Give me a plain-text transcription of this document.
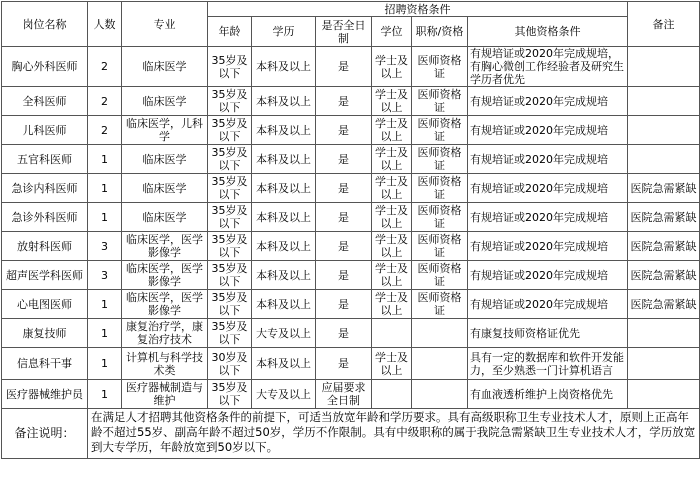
岗位名称	人数	专业	招聘资格条件						备注
			年龄	学历	是否全日制	学位	职称/资格	其他资格条件	
胸心外科医师	2	临床医学	35岁及以下	本科及以上	是	学士及以上	医师资格证	有规培证或2020年完成规培，有胸心微创工作经验者及研究生学历者优先	
全科医师	2	临床医学	35岁及以下	本科及以上	是	学士及以上	医师资格证	有规培证或2020年完成规培	
儿科医师	2	临床医学，儿科学	35岁及以下	本科及以上	是	学士及以上	医师资格证	有规培证或2020年完成规培	
五官科医师	1	临床医学	35岁及以下	本科及以上	是	学士及以上	医师资格证	有规培证或2020年完成规培	
急诊内科医师	1	临床医学	35岁及以下	本科及以上	是	学士及以上	医师资格证	有规培证或2020年完成规培	医院急需紧缺
急诊外科医师	1	临床医学	35岁及以下	本科及以上	是	学士及以上	医师资格证	有规培证或2020年完成规培	医院急需紧缺
放射科医师	3	临床医学，医学影像学	35岁及以下	本科及以上	是	学士及以上	医师资格证	有规培证或2020年完成规培	医院急需紧缺
超声医学科医师	3	临床医学，医学影像学	35岁及以下	本科及以上	是	学士及以上	医师资格证	有规培证或2020年完成规培	医院急需紧缺
心电图医师	1	临床医学，医学影像学	35岁及以下	本科及以上	是	学士及以上	医师资格证	有规培证或2020年完成规培	医院急需紧缺
康复技师	1	康复治疗学，康复治疗技术	35岁及以下	大专及以上	是			有康复技师资格证优先	
信息科干事	1	计算机与科学技术类	30岁及以下	本科及以上	是	学士及以上		具有一定的数据库和软件开发能力，至少熟悉一门计算机语言	
医疗器械维护员	1	医疗器械制造与维护	35岁及以下	大专及以上	应届要求全日制			有血液透析维护上岗资格优先	
备注说明：	在满足人才招聘其他资格条件的前提下，可适当放宽年龄和学历要求。具有高级职称卫生专业技术人才，原则上正高年龄不超过55岁、副高年龄不超过50岁，学历不作限制。具有中级职称的属于我院急需紧缺卫生专业技术人才，学历放宽到大专学历，年龄放宽到50岁以下。								
